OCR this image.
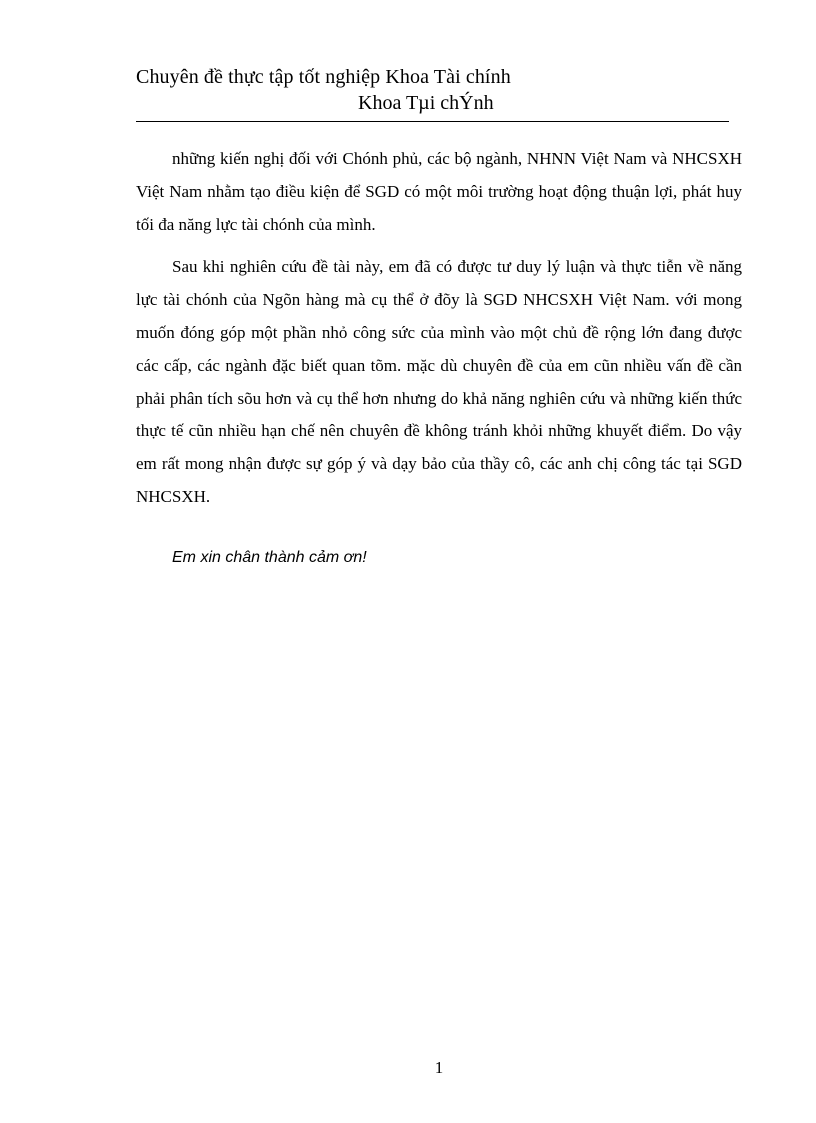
Chuyên đề thực tập tốt nghiệp Khoa Tài chính
Khoa Tµi chÝnh

những kiến nghị đối với Chónh phủ, các bộ ngành, NHNN Việt Nam và NHCSXH Việt Nam nhằm tạo điều kiện để SGD có một môi trường hoạt động thuận lợi, phát huy tối đa năng lực tài chónh của mình.

Sau khi nghiên cứu đề tài này, em đã có được tư duy lý luận và thực tiễn về năng lực tài chónh của Ngõn hàng mà cụ thể ở đõy là SGD NHCSXH Việt Nam. với mong muốn đóng góp một phần nhỏ công sức của mình vào một chủ đề rộng lớn đang được các cấp, các ngành đặc biết quan tõm. mặc dù chuyên đề của em cũn nhiều vấn đề cần phải phân tích sõu hơn và cụ thể hơn nhưng do khả năng nghiên cứu và những kiến thức thực tế cũn nhiều hạn chế nên chuyên đề không tránh khỏi những khuyết điểm. Do vậy em rất mong nhận được sự góp ý và dạy bảo của thầy cô, các anh chị công tác tại SGD NHCSXH.

Em xin chân thành cảm ơn!
1
